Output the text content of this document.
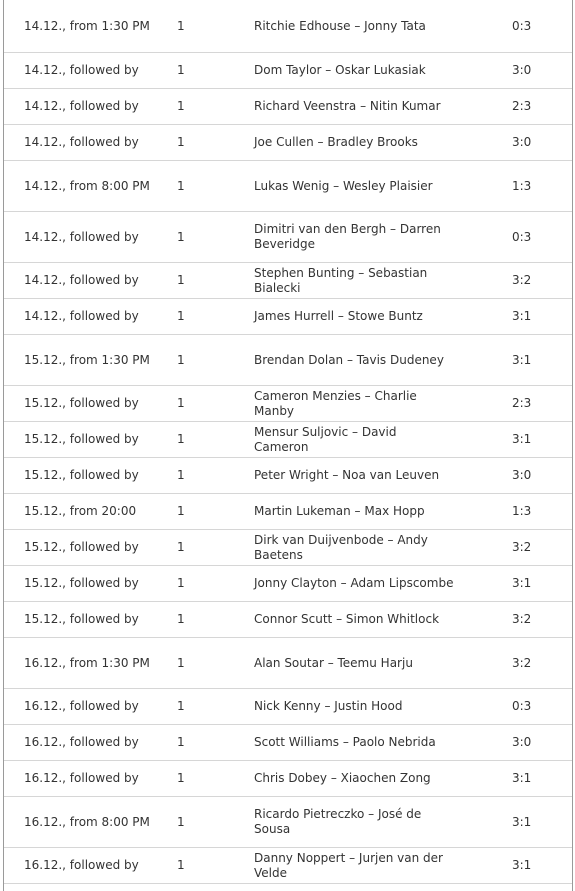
14.12., from 1:30 PM	1	Ritchie Edhouse – Jonny Tata	0:3
14.12., followed by	1	Dom Taylor – Oskar Lukasiak	3:0
14.12., followed by	1	Richard Veenstra – Nitin Kumar	2:3
14.12., followed by	1	Joe Cullen – Bradley Brooks	3:0
14.12., from 8:00 PM	1	Lukas Wenig – Wesley Plaisier	1:3
14.12., followed by	1	Dimitri van den Bergh – Darren Beveridge	0:3
14.12., followed by	1	Stephen Bunting – Sebastian Bialecki	3:2
14.12., followed by	1	James Hurrell – Stowe Buntz	3:1
15.12., from 1:30 PM	1	Brendan Dolan – Tavis Dudeney	3:1
15.12., followed by	1	Cameron Menzies – Charlie Manby	2:3
15.12., followed by	1	Mensur Suljovic – David Cameron	3:1
15.12., followed by	1	Peter Wright – Noa van Leuven	3:0
15.12., from 20:00	1	Martin Lukeman – Max Hopp	1:3
15.12., followed by	1	Dirk van Duijvenbode – Andy Baetens	3:2
15.12., followed by	1	Jonny Clayton – Adam Lipscombe	3:1
15.12., followed by	1	Connor Scutt – Simon Whitlock	3:2
16.12., from 1:30 PM	1	Alan Soutar – Teemu Harju	3:2
16.12., followed by	1	Nick Kenny – Justin Hood	0:3
16.12., followed by	1	Scott Williams – Paolo Nebrida	3:0
16.12., followed by	1	Chris Dobey – Xiaochen Zong	3:1
16.12., from 8:00 PM	1	Ricardo Pietreczko – José de Sousa	3:1
16.12., followed by	1	Danny Noppert – Jurjen van der Velde	3:1
